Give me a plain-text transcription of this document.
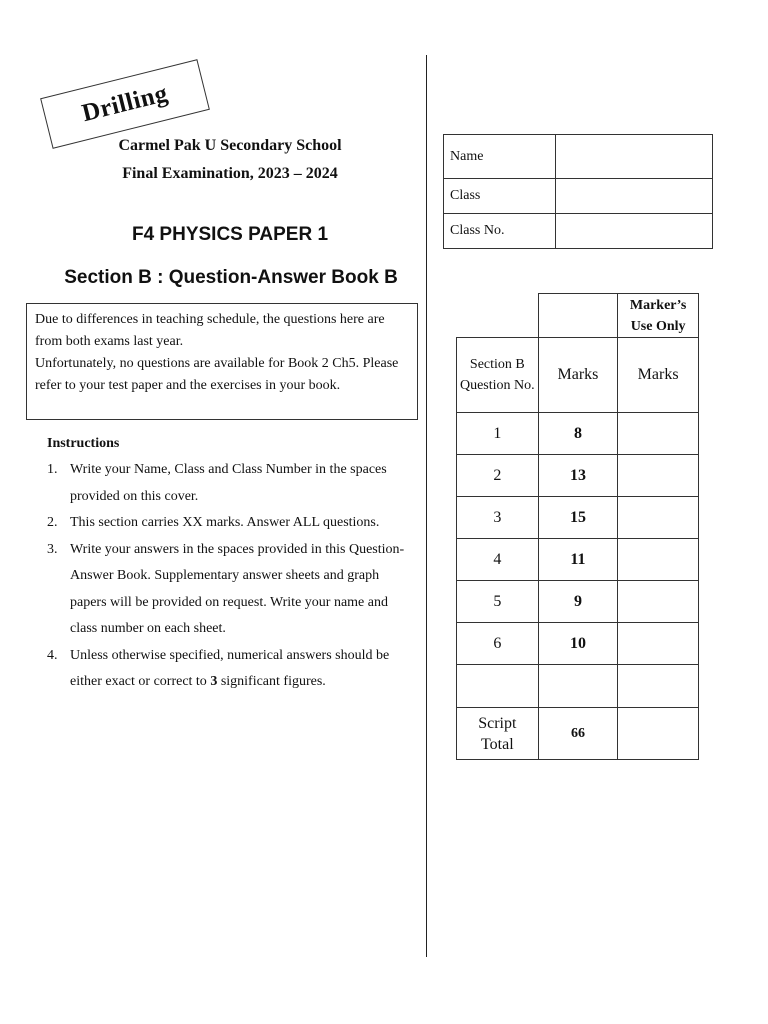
Drilling
Carmel Pak U Secondary School
Final Examination, 2023 – 2024
F4 PHYSICS PAPER 1
Section B : Question-Answer Book B

Due to differences in teaching schedule, the questions here are from both exams last year.

Unfortunately, no questions are available for Book 2 Ch5. Please refer to your test paper and the exercises in your book.

Instructions
1. Write your Name, Class and Class Number in the spaces provided on this cover.
2. This section carries XX marks. Answer ALL questions.
3. Write your answers in the spaces provided in this Question-Answer Book. Supplementary answer sheets and graph papers will be provided on request. Write your name and class number on each sheet.
4. Unless otherwise specified, numerical answers should be either exact or correct to 3 significant figures.
Name	
Class	
Class No.	
		Marker’s Use Only
Section B Question No.	Marks	Marks
1	8	
2	13	
3	15	
4	11	
5	9	
6	10	

Script
Total	66	
